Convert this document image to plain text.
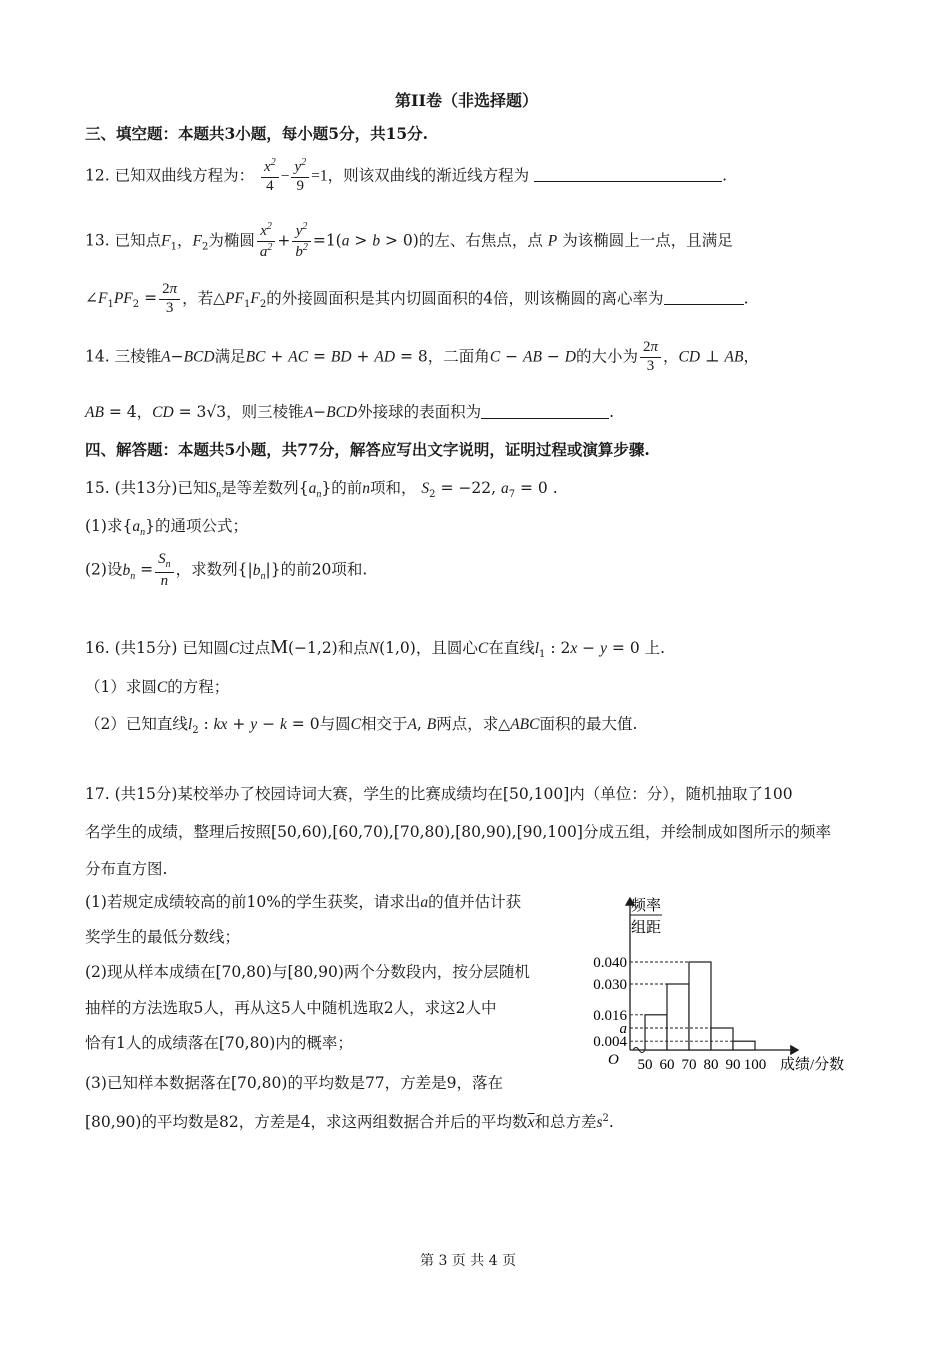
第II卷（非选择题）
三、填空题：本题共3小题，每小题5分，共15分.
12. 已知双曲线方程为： $\frac{x^2}{4} - \frac{y^2}{9} =1$，则该双曲线的渐近线方程为	.
13. 已知点$F_1$，$F_2$为椭圆 $\frac{x^2}{a^2} + \frac{y^2}{b^2} =1(a > b > 0)$的左、右焦点，点 P 为该椭圆上一点，且满足
$\angle F_1PF_2 = \frac{2\pi}{3}$ ，若$\triangle PF_1F_2$的外接圆面积是其内切圆面积的4倍，则该椭圆的离心率为	.
14. 三棱锥A−BCD满足BC + AC = BD + AD = 8，二面角C − AB − D的大小为 $\frac{2\pi}{3}$ ，CD ⊥ AB，
AB = 4，CD = 3√3，则三棱锥A−BCD外接球的表面积为	.
四、解答题：本题共5小题，共77分，解答应写出文字说明，证明过程或演算步骤.
15. (共13分)已知$S_n$是等差数列$\{a_n\}$的前n项和， $S_2 = -22$, $a_7 = 0$ .
(1)求$\{a_n\}$的通项公式；
(2)设$b_n = \frac{S_n}{n}$ ，求数列$\{|b_n|\}$的前20项和.
16. (共15分) 已知圆C过点M(−1,2)和点N(1,0)，且圆心C在直线$l_1$ : 2x − y = 0 上.
（1）求圆C的方程；
（2）已知直线$l_2$ : kx + y − k = 0与圆C相交于A, B两点，求△ABC面积的最大值.
17. (共15分)某校举办了校园诗词大赛，学生的比赛成绩均在[50,100]内（单位：分），随机抽取了100
名学生的成绩，整理后按照[50,60),[60,70),[70,80),[80,90),[90,100]分成五组，并绘制成如图所示的频率
分布直方图.
(1)若规定成绩较高的前10%的学生获奖，请求出a的值并估计获
奖学生的最低分数线；
(2)现从样本成绩在[70,80)与[80,90)两个分数段内，按分层随机
抽样的方法选取5人，再从这5人中随机选取2人，求这2人中
恰有1人的成绩落在[70,80)内的概率；
(3)已知样本数据落在[70,80)的平均数是77，方差是9，落在
[80,90)的平均数是82，方差是4，求这两组数据合并后的平均数$\overline{x}$和总方差$s^2$.
频率
组距
O	成绩/分数
50 60 70 80 90 100
0.040
0.030
0.016
a
0.004
第 3 页 共 4 页
